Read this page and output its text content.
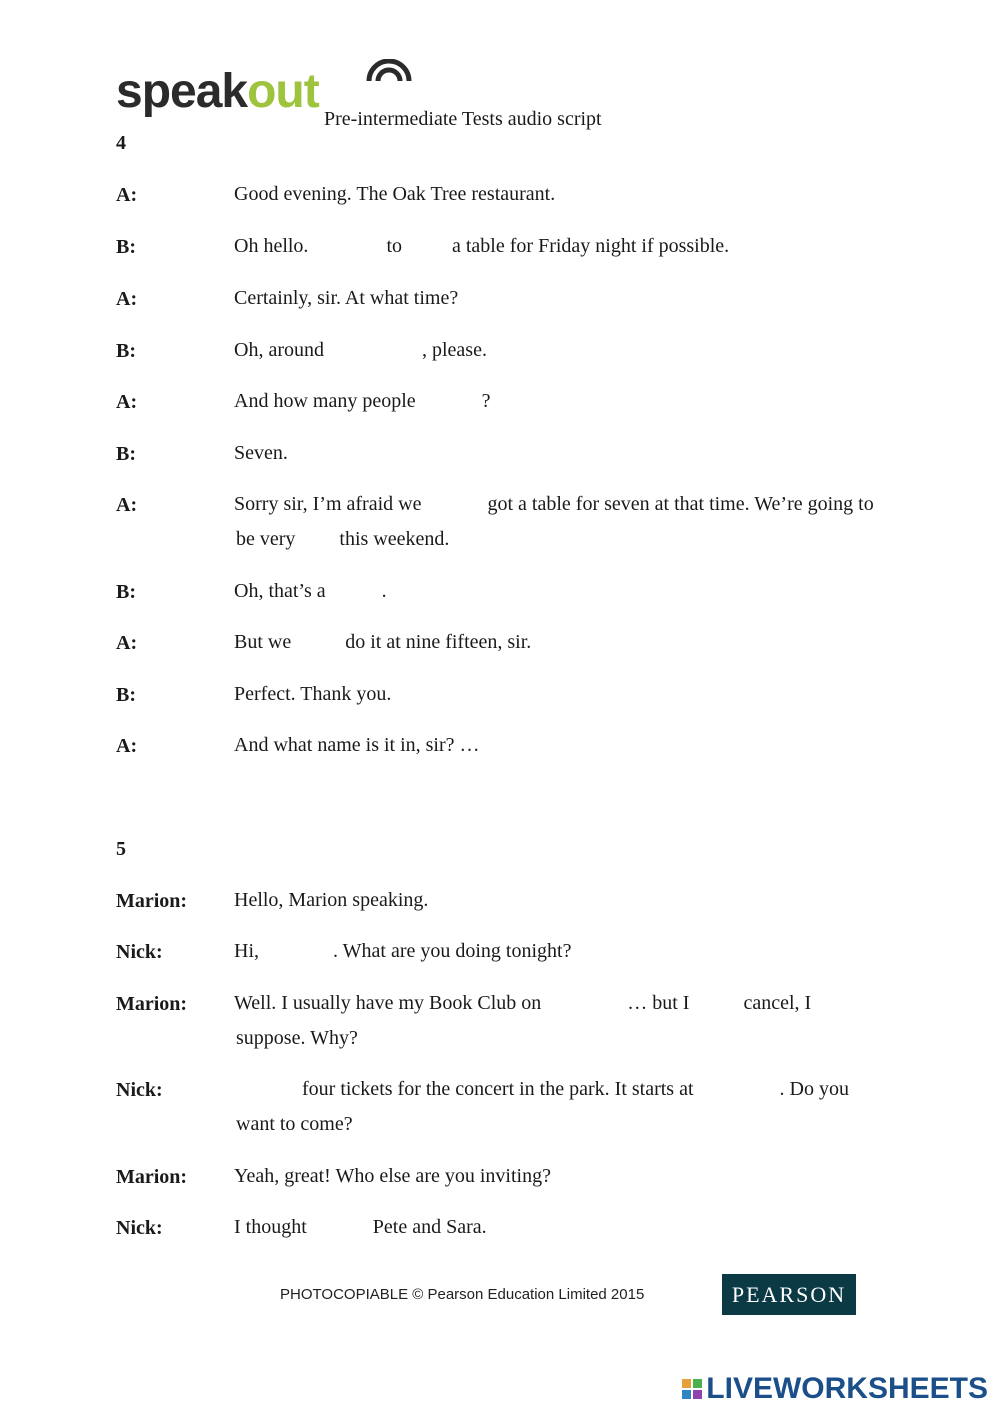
speak
out
Pre-intermediate Tests audio script
4
A:	Good evening. The Oak Tree restaurant.
B:	Oh hello.	to	a table for Friday night if possible.
A:	Certainly, sir. At what time?
B:	Oh, around	, please.
A:	And how many people	?
B:	Seven.
A:	Sorry sir, I’m afraid we	got a table for seven at that time. We’re going to
be very this weekend.
B:	Oh, that’s a	.
A:	But we	do it at nine fifteen, sir.
B:	Perfect. Thank you.
A:	And what name is it in, sir? …
5
Marion: Hello, Marion speaking.
Nick:	Hi,	. What are you doing tonight?
Marion: Well. I usually have my Book Club on	… but I	cancel, I
suppose. Why?
Nick:	four tickets for the concert in the park. It starts at	. Do you
want to come?
Marion: Yeah, great! Who else are you inviting?
Nick:	I thought	Pete and Sara.
PHOTOCOPIABLE © Pearson Education Limited 2015	PEARSON
LIVEWORKSHEETS
